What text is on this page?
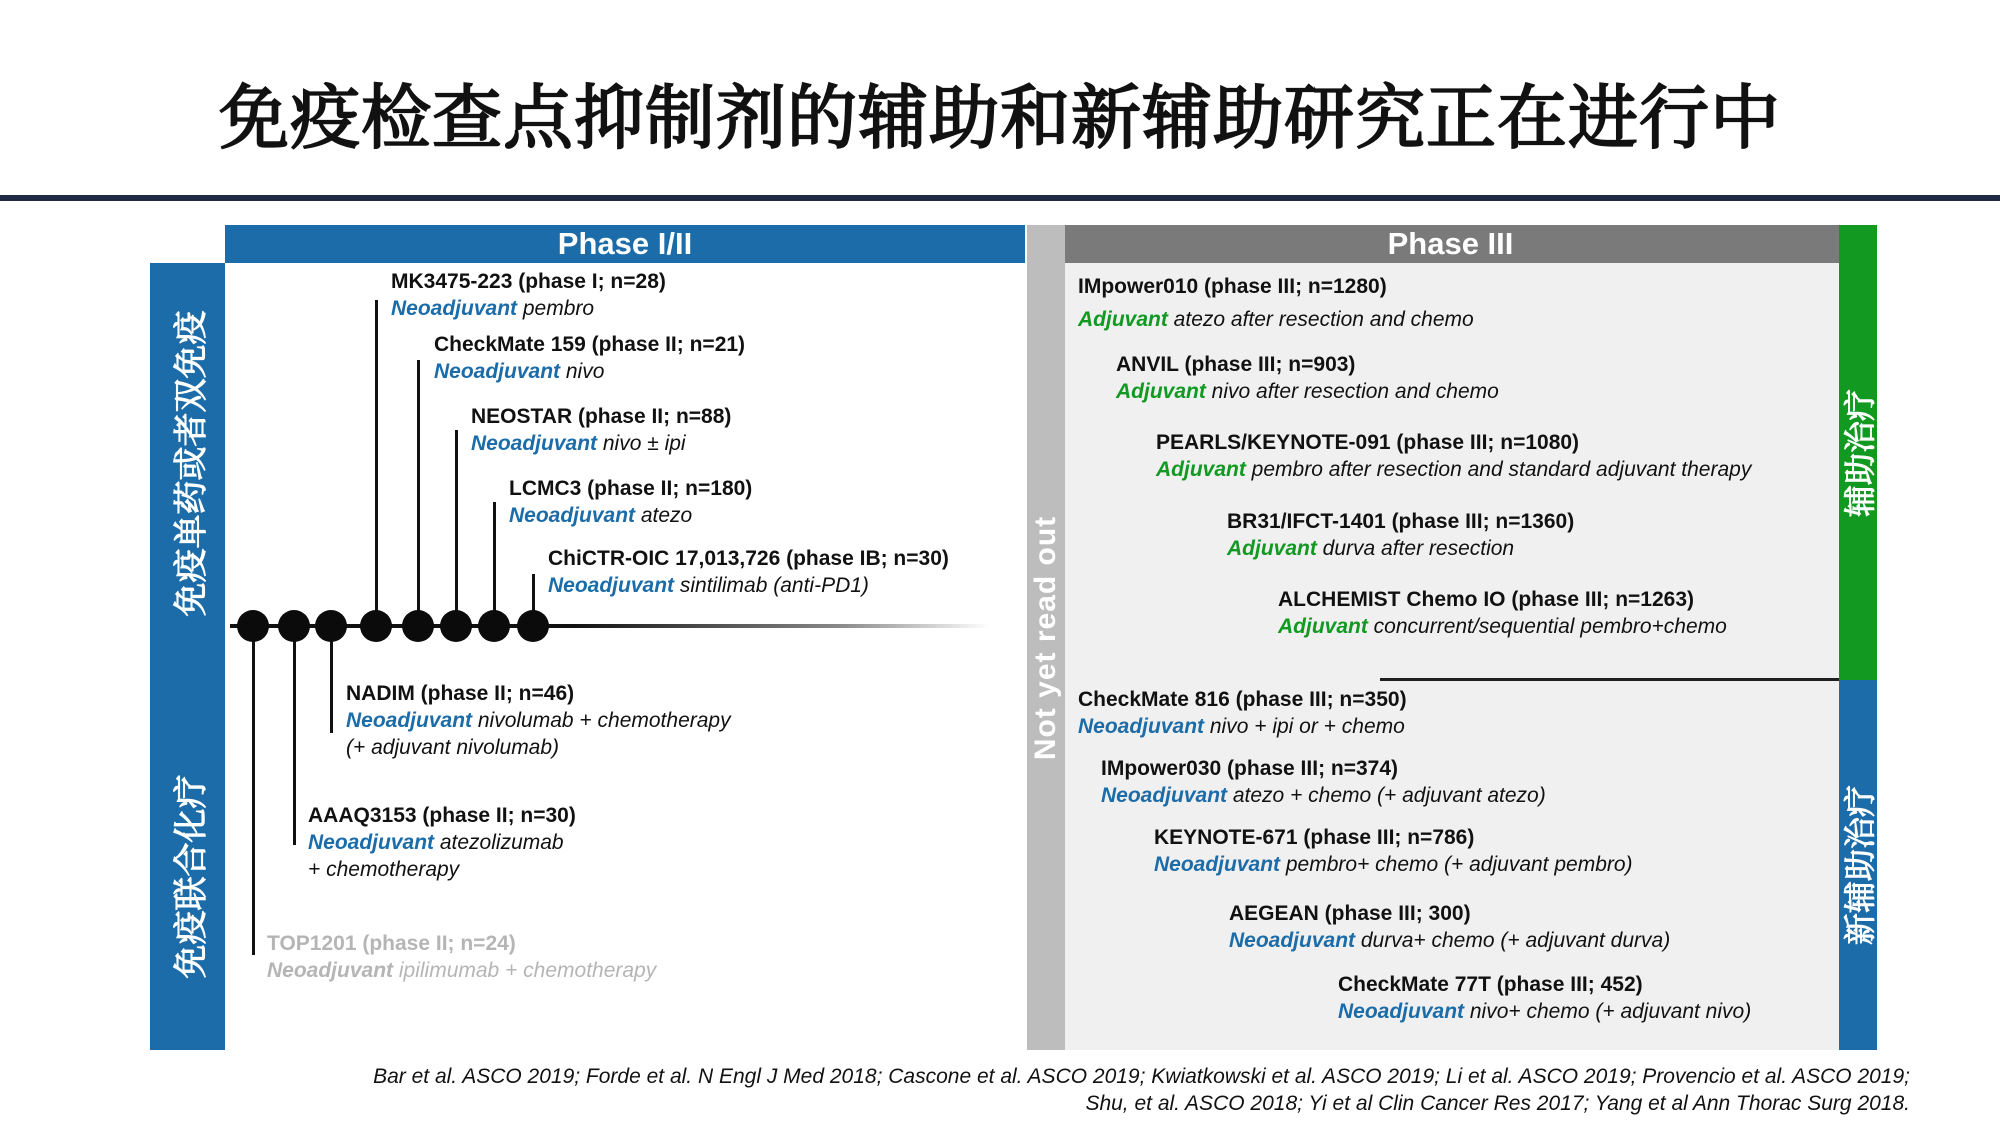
免疫检查点抑制剂的辅助和新辅助研究正在进行中
Phase I/II	Phase III
免疫单药或者双免疫
免疫联合化疗
Not yet read out
辅助治疗
新辅助治疗
MK3475-223 (phase I; n=28)
Neoadjuvant pembro
CheckMate 159 (phase II; n=21)
Neoadjuvant nivo
NEOSTAR (phase II; n=88)
Neoadjuvant nivo ± ipi
LCMC3 (phase II; n=180)
Neoadjuvant atezo
ChiCTR-OIC 17,013,726 (phase IB; n=30)
Neoadjuvant sintilimab (anti-PD1)
NADIM (phase II; n=46)
Neoadjuvant nivolumab + chemotherapy
(+ adjuvant nivolumab)
AAAQ3153 (phase II; n=30)
Neoadjuvant atezolizumab
+ chemotherapy
TOP1201 (phase II; n=24)
Neoadjuvant ipilimumab + chemotherapy
IMpower010 (phase III; n=1280)
Adjuvant atezo after resection and chemo
ANVIL (phase III; n=903)
Adjuvant nivo after resection and chemo
PEARLS/KEYNOTE-091 (phase III; n=1080)
Adjuvant pembro after resection and standard adjuvant therapy
BR31/IFCT-1401 (phase III; n=1360)
Adjuvant durva after resection
ALCHEMIST Chemo IO (phase III; n=1263)
Adjuvant concurrent/sequential pembro+chemo
CheckMate 816 (phase III; n=350)
Neoadjuvant nivo + ipi or + chemo
IMpower030 (phase III; n=374)
Neoadjuvant atezo + chemo (+ adjuvant atezo)
KEYNOTE-671 (phase III; n=786)
Neoadjuvant pembro+ chemo (+ adjuvant pembro)
AEGEAN (phase III; 300)
Neoadjuvant durva+ chemo (+ adjuvant durva)
CheckMate 77T (phase III; 452)
Neoadjuvant nivo+ chemo (+ adjuvant nivo)
Bar et al. ASCO 2019; Forde et al. N Engl J Med 2018; Cascone et al. ASCO 2019; Kwiatkowski et al. ASCO 2019; Li et al. ASCO 2019; Provencio et al. ASCO 2019;
Shu, et al. ASCO 2018; Yi et al Clin Cancer Res 2017; Yang et al Ann Thorac Surg 2018.
